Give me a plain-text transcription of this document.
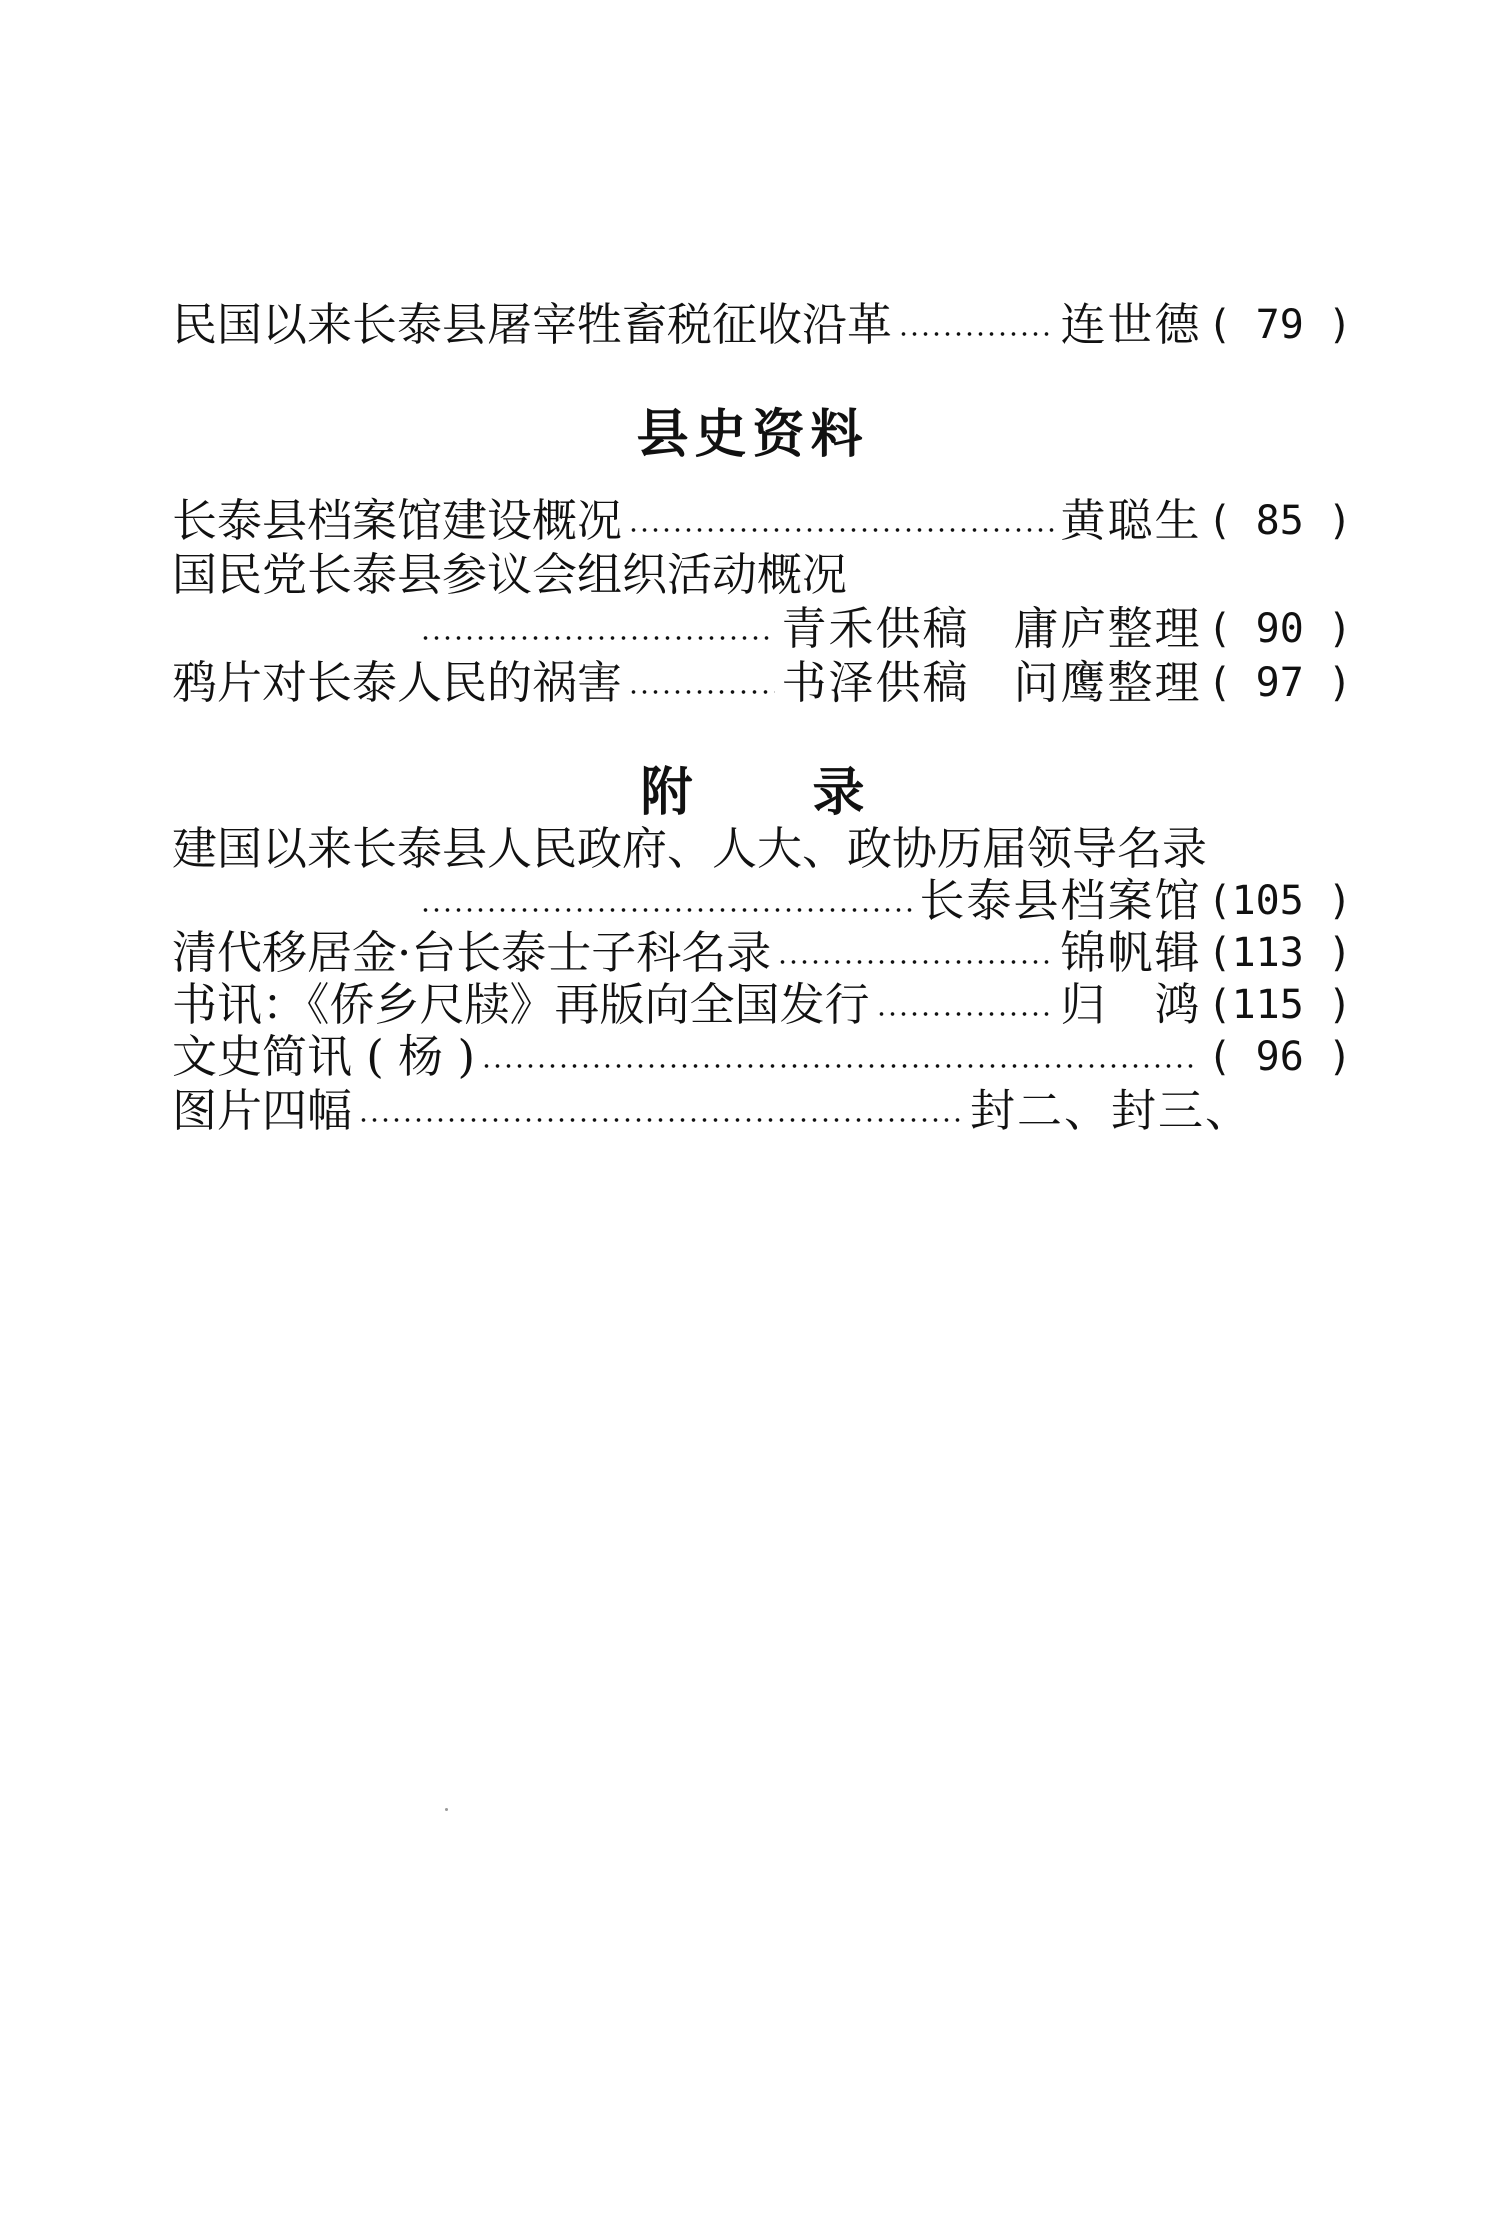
民国以来长泰县屠宰牲畜税征收沿革	连世德 ( 79 )
县史资料
长泰县档案馆建设概况	黄聪生 ( 85 )
国民党长泰县参议会组织活动概况
青禾供稿 庸庐整理 ( 90 )
鸦片对长泰人民的祸害	书泽供稿 问鹰整理 ( 97 )
附录
建国以来长泰县人民政府、人大、政协历届领导名录
长泰县档案馆 (105 )
清代移居金·台长泰士子科名录	锦帆辑 (113 )
书讯：《侨乡尺牍》再版向全国发行	归　鸿 (115 )
文史简讯 ( 杨 )	( 96 )
图片四幅	封二、封三、
